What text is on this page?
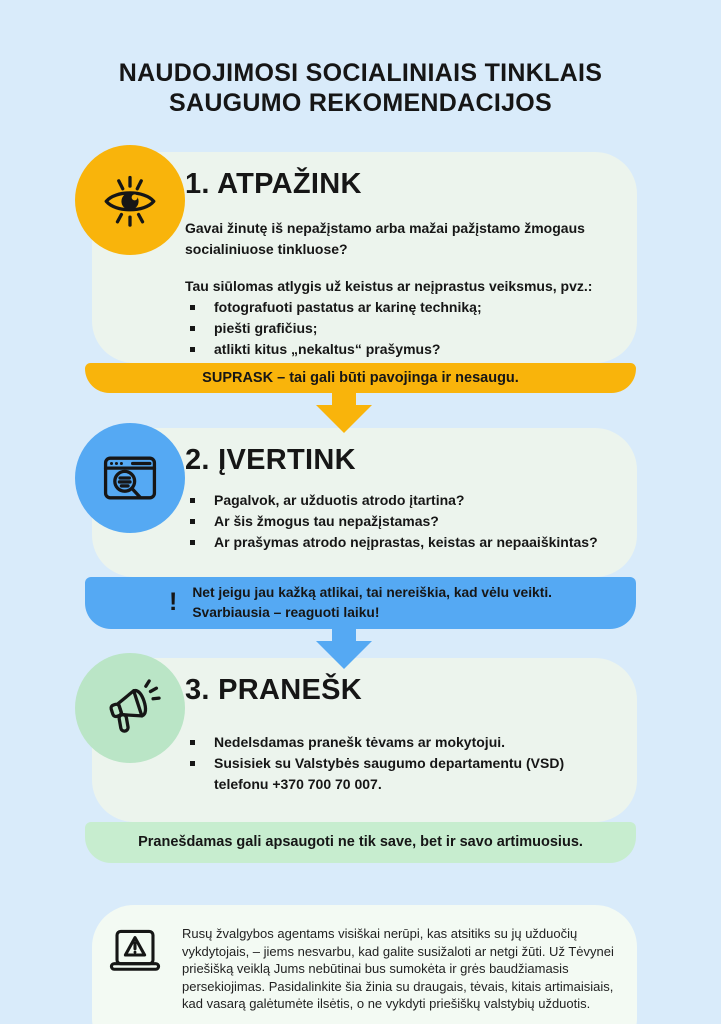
NAUDOJIMOSI SOCIALINIAIS TINKLAIS
SAUGUMO REKOMENDACIJOS
1. ATPAŽINK

Gavai žinutę iš nepažįstamo arba mažai pažįstamo žmogaus socialiniuose tinkluose?

Tau siūlomas atlygis už keistus ar neįprastus veiksmus, pvz.:

fotografuoti pastatus ar karinę techniką;
piešti grafičius;
atlikti kitus „nekaltus“ prašymus?
SUPRASK – tai gali būti pavojinga ir nesaugu.
2. ĮVERTINK
Pagalvok, ar užduotis atrodo įtartina?
Ar šis žmogus tau nepažįstamas?
Ar prašymas atrodo neįprastas, keistas ar nepaaiškintas?
! Net jeigu jau kažką atlikai, tai nereiškia, kad vėlu veikti.
Svarbiausia – reaguoti laiku!
3. PRANEŠK
Nedelsdamas pranešk tėvams ar mokytojui.
Susisiek su Valstybės saugumo departamentu (VSD) telefonu +370 700 70 007.
Pranešdamas gali apsaugoti ne tik save, bet ir savo artimuosius.

Rusų žvalgybos agentams visiškai nerūpi, kas atsitiks su jų užduočių vykdytojais, – jiems nesvarbu, kad galite susižaloti ar netgi žūti. Už Tėvynei priešišką veiklą Jums nebūtinai bus sumokėta ir grės baudžiamasis persekiojimas. Pasidalinkite šia žinia su draugais, tėvais, kitais artimaisiais, kad vasarą galėtumėte ilsėtis, o ne vykdyti priešiškų valstybių užduotis.
